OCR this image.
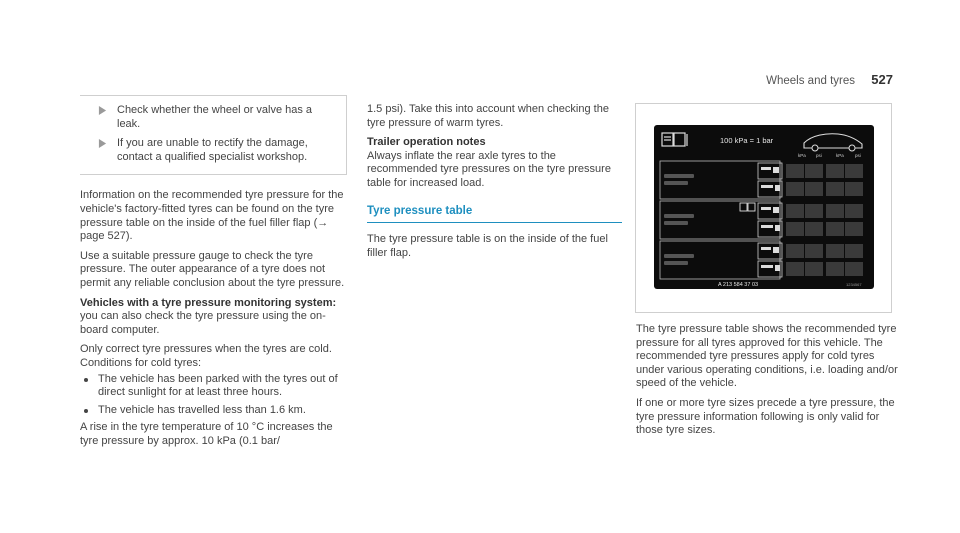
Wheels and tyres 527
Check whether the wheel or valve has a leak.
If you are unable to rectify the damage, contact a qualified specialist workshop.

Information on the recommended tyre pressure for the vehicle's factory-fitted tyres can be found on the tyre pressure table on the inside of the fuel filler flap (→ page 527).

Use a suitable pressure gauge to check the tyre pressure. The outer appearance of a tyre does not permit any reliable conclusion about the tyre pressure.

Vehicles with a tyre pressure monitoring system: you can also check the tyre pressure using the on-board computer.

Only correct tyre pressures when the tyres are cold. Conditions for cold tyres:

The vehicle has been parked with the tyres out of direct sunlight for at least three hours.
The vehicle has travelled less than 1.6 km.

A rise in the tyre temperature of 10 °C increases the tyre pressure by approx. 10 kPa (0.1 bar/

1.5 psi). Take this into account when checking the tyre pressure of warm tyres.

Trailer operation notes

Always inflate the rear axle tyres to the recommended tyre pressures on the tyre pressure table for increased load.

Tyre pressure table

The tyre pressure table is on the inside of the fuel filler flap.

100 kPa = 1 bar
kPa psi	kPa psi
A 213 584 37 03	1234567

The tyre pressure table shows the recommended tyre pressure for all tyres approved for this vehicle. The recommended tyre pressures apply for cold tyres under various operating conditions, i.e. loading and/or speed of the vehicle.

If one or more tyre sizes precede a tyre pressure, the tyre pressure information following is only valid for those tyre sizes.
